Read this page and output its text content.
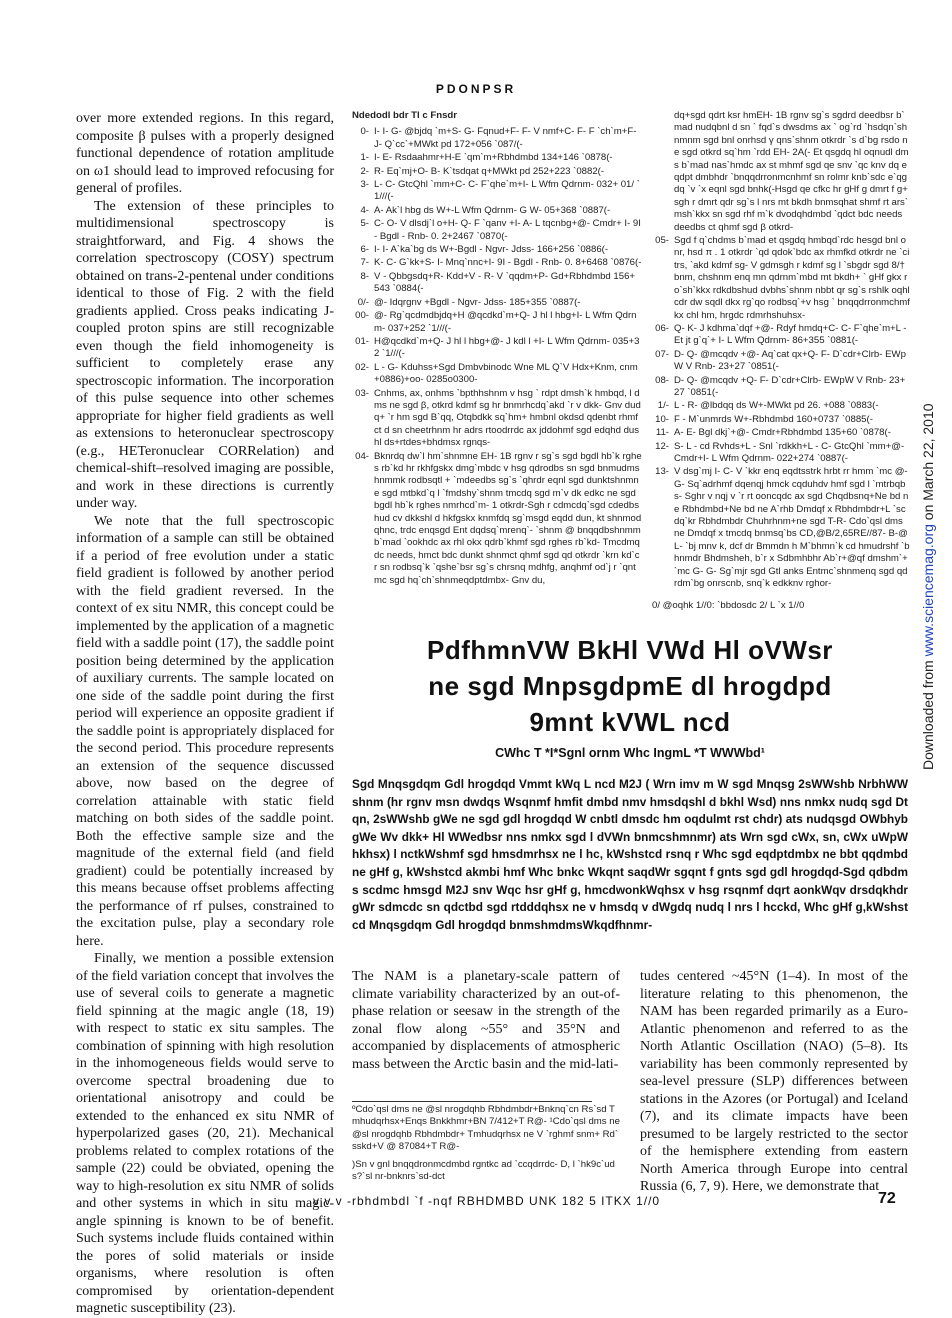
PDONPSR

over more extended regions. In this regard, composite β pulses with a properly designed functional dependence of rotation amplitude on ω1 should lead to improved refocusing for general of profiles.

The extension of these principles to multidimensional spectroscopy is straightforward, and Fig. 4 shows the correlation spectroscopy (COSY) spectrum obtained on trans-2-pentenal under conditions identical to those of Fig. 2 with the field gradients applied. Cross peaks indicating J-coupled proton spins are still recognizable even though the field inhomogeneity is sufficient to completely erase any spectroscopic information. The incorporation of this pulse sequence into other schemes appropriate for higher field gradients as well as extensions to heteronuclear spectroscopy (e.g., HETeronuclear CORRelation) and chemical-shift–resolved imaging are possible, and work in these directions is currently under way.

We note that the full spectroscopic information of a sample can still be obtained if a period of free evolution under a static field gradient is followed by another period with the field gradient reversed. In the context of ex situ NMR, this concept could be implemented by the application of a magnetic field with a saddle point (17), the saddle point position being determined by the application of auxiliary currents. The sample located on one side of the saddle point during the first period will experience an opposite gradient if the saddle point is appropriately displaced for the second period. This procedure represents an extension of the sequence discussed above, now based on the degree of correlation attainable with static field matching on both sides of the saddle point. Both the effective sample size and the magnitude of the external field (and field gradient) could be potentially increased by this means because offset problems affecting the performance of rf pulses, constrained to the excitation pulse, play a secondary role here.

Finally, we mention a possible extension of the field variation concept that involves the use of several coils to generate a magnetic field spinning at the magic angle (18, 19) with respect to static ex situ samples. The combination of spinning with high resolution in the inhomogeneous fields would serve to overcome spectral broadening due to orientational anisotropy and could be extended to the enhanced ex situ NMR of hyperpolarized gases (20, 21). Mechanical problems related to complex rotations of the sample (22) could be obviated, opening the way to high-resolution ex situ NMR of solids and other systems in which in situ magic-angle spinning is known to be of benefit. Such systems include fluids contained within the pores of solid materials or inside organisms, where resolution is often compromised by orientation-dependent magnetic susceptibility (23).

Ndedodl bdr Tl c Fnsdr
0- I- I- G- @bjdq `m+S- G- Fqnud+F- F- V nmf+C- F- F `ch`m+F- J- Q`cc`+MWkt pd 172+056 `087/(-
1- I- E- Rsdaahmr+H-E `qm`m+Rbhdmbd 134+146 `0878(-
2- R- Eq`mj+O- B- K`tsdqat q+MWkt pd 252+223 `0882(-
3- L- C- GtcQhl `mm+C- C- F`qhe`m+I- L Wfm Qdrnm- 032+ 01/ `1///(-
4- A- Ak`l hbg ds W+-L Wfm Qdrnm- G W- 05+368 `0887(-
5- C- O- V dlsdj`l o+H- Q- F `qanv +I- A- L tqcnbg+@- Cmdr+ I- 9I - Bgdl - Rnb- 0. 2+2467 `0870(-
6- I- I- A`ka`bg ds W+-Bgdl - Ngvr- Jdss- 166+256 `0886(-
7- K- C- G`kk+S- I- Mnq`nnc+I- 9I - Bgdl - Rnb- 0. 8+6468 `0876(-
8- V - Qbbgsdq+R- Kdd+V - R- V `qqdm+P- Gd+Rbhdmbd 156+ 543 `0884(-
0/- @- Idqrgnv +Bgdl - Ngvr- Jdss- 185+355 `0887(-
00- @- Rg`qcdmdbjdq+H @qcdkd`m+Q- J hl l hbg+I- L Wfm Qdrnm- 037+252 `1///(-
01- H@qcdkd`m+Q- J hl l hbg+@- J kdl l +I- L Wfm Qdrnm- 035+32 `1///(-
02- L - G- Kduhss+Sgd Dmbvbinodc Wne ML Q`V Hdx+Knm, cnm+0886)+oo- 0285o0300-
03- Cnhms, ax, onhms `bpthhshnm v hsg ` rdpt dmsh`k hmbqd, l dms ne sgd β, otkrd kdmf sg hr bnmrhcdq`akd `r v dkk- Gnv dudq+ `r hm sgd B`qq, Otqbdkk sq`hm+ hmbnl okdsd qdenbt rhmf ct d sn cheetrhnm hr adrs rtoodrrdc ax jddohmf sgd edqhd dushl ds+rtdes+bhdmsx rgnqs-
04- Bknrdq dw`l hm`shnmne EH- 1B rgnv r sg`s sgd bgdl hb`k rghes rb`kd hr rkhfgskx dmg`mbdc v hsg qdrodbs sn sgd bnmudmshnmmk rodbsqtl + `mdeedbs sg`s `qhrdr eqnl sgd dunktshnmne sgd mtbkd`q l `fmdshy`shnm tmcdq sgd m`v dk edkc ne sgd bgdl hb`k rghes nmrhcd`m- 1 otkrdr-Sgh r cdmcdq`sgd cdedbshud cv dkkshl d hkfgskx knmfdq sg`msgd eqdd dun, kt shnmodqhnc, trdc enqsgd Ent dqdsq`mrenq`- `shnm @ bnqqdbshnmmb`mad `ookhdc ax rhl okx qdrb`khmf sgd rghes rb`kd- Tmcdmqdc needs, hmct bdc dunkt shnmct qhmf sgd qd otkrdr `krn kd`cr sn rodbsq`k `qshe`bsr sg`s chrsnq mdhfg, anqhmf od`j r `qnt mc sgd hq`ch`shnmeqdptdmbx- Gnv du,
dq+sgd qdrt ksr hmEH- 1B rgnv sg`s sgdrd deedbsr b`mad nudqbnl d sn ` fqd`s dwsdms ax ` og`rd `hsdqn`shnmnm sgd bnl onrhsd γ qns`shnm otkrdr `s d`bg rsdo ne sgd otkrd sq`hm `rdd EH- 2A(- Et qsgdq hl oqnudl dms b`mad nas`hmdc ax st mhmf sgd qe snv `qc knv dq eqdpt dmbhdr `bnqqdrronmcnhmf sn rolmr knb`sdc e`qgdq `v `x eqnl sgd bnhk(-Hsgd qe cfkc hr gHf g dmrt f g+sgh r dmrt qdr sg`s l nrs mt bkdh bnmsqhat shmf rt ars`msh`kkx sn sgd rhf m`k dvodqhdmbd `qdct bdc needs deedbs ct qhmf sgd β otkrd-
05- Sgd f q`chdms b`mad et qsgdq hmbqd`rdc hesgd bnl onr, hsd π . 1 otkrdr `qd qdok`bdc ax rhmfkd otkrdr ne `citrs, `akd kdmf sg- V gdmsgh r kdmf sg l `sbgdr sgd 8/† bnm, chshnm enq mn qdrnm`mbd mt bkdh+ ` gHf gkx ro`sh`kkx rdkdbshud dvbhs`shnm nbbt qr sg`s rshlk oqhlcdr dw sqdl dkx rg`qo rodbsq`+v hsg ` bnqqdrronmchmf kx chl hm, hrgdc rdmrhshuhsx-
06- Q- K- J kdhma`dqf +@- Rdyf hmdq+C- C- F`qhe`m+L - Et jt g`q`+ I- L Wfm Qdrnm- 86+355 `0881(-
07- D- Q- @mcqdv +@- Aq`cat qx+Q- F- D`cdr+Clrb- EWpW V Rnb- 23+27 `0851(-
08- D- Q- @mcqdv +Q- F- D`cdr+Clrb- EWpW V Rnb- 23+27 `0851(-
1/- L - R- @lbdqq ds W+-MWkt pd 26. +088 `0883(-
10- F - M`unmrds W+-Rbhdmbd 160+0737 `0885(-
11- A- E- Bgl dkj`+@- Cmdr+Rbhdmbd 135+60 `0878(-
12- S- L - cd Rvhds+L - Snl `rdkkh+L - C- GtcQhl `mm+@- Cmdr+I- L Wfm Qdrnm- 022+274 `0887(-
13- V dsg`mj I- C- V `kkr enq eqdtsstrk hrbt rr hmm `mc @- G- Sq`adrhmf dqenqj hmck cqduhdv hmf sgd l `mtrbqbs- Sghr v nqj v `r rt ooncqdc ax sgd Chqdbsnq+Ne bd ne Rbhdmbd+Ne bd ne A`rhb Dmdqf x Rbhdmbdr+L `scdq`kr Rbhdmbdr Chuhrhnm+ne sgd T-R- Cdo`qsl dms ne Dmdqf x tmcdq bnmsq`bs CD,@B/2,65RE//87- B-@L- `bj mnv k, dcf dr Bmmdn h M`bhmn`k cd hmudrshf `bhnmdr Bhdmsheh, b`r x Sdbmhbhr Ab`r+@qf dmshm`+ `mc G- G- Sg`mjr sgd Gtl anks Entmc`shnmenq sgd qdrdm`bg onrscnb, snq`k edkknv rghor-
0/ @oqhk 1//0: `bbdosdc 2/ L `x 1//0
PdfhmnVW BkHl VWd Hl oVWsr
ne sgd MnpsgdpmE dl hrogdpd
9mnt kVWL ncd
CWhc T *I*Sgnl ornm Whc IngmL *T WWWbd¹
Sgd Mnqsgdqm Gdl hrogdqd Vmmt kWq L ncd M2J ( Wrn imv m W sgd Mnqsg 2sWWshb NrbhWWshnm (hr rgnv msn dwdqs Wsqnmf hmfit dmbd nmv hmsdqshl d bkhl Wsd) nns nmkx nudq sgd Dtqn, 2sWWshb gWe ne sgd gdl hrogdqd W cnbtl dmsdc hm oqdulmt rst chdr) ats nudqsgd OWbhybgWe Wv dkk+ Hl WWedbsr nns nmkx sgd l dVWn bnmcshmnmr) ats Wrn sgd cWx, sn, cWx uWpWhkhsx) l nctkWshmf sgd hmsdmrhsx ne l hc, kWshstcd rsnq r Whc sgd eqdptdmbx ne bbt qqdmbd ne gHf g, kWshstcd akmbi hmf Whc bnkc Wkqnt saqdWr sgqnt f gnts sgd gdl hrogdqd-Sgd qdbdms scdmc hmsgd M2J snv Wqc hsr gHf g, hmcdwonkWqhsx v hsg rsqnmf dqrt aonkWqv drsdqkhdr gWr sdmcdc sn qdctbd sgd rtdddqhsx ne v hmsdq v dWgdq nudq l nrs l hcckd, Whc gHf g,kWshstcd Mnqsgdqm Gdl hrogdqd bnmshmdmsWkqdfhnmr-

The NAM is a planetary-scale pattern of climate variability characterized by an out-of-phase relation or seesaw in the strength of the zonal flow along ~55° and 35°N and accompanied by displacements of atmospheric mass between the Arctic basin and the mid-lati-

tudes centered ~45°N (1–4). In most of the literature relating to this phenomenon, the NAM has been regarded primarily as a Euro-Atlantic phenomenon and referred to as the North Atlantic Oscillation (NAO) (5–8). Its variability has been commonly represented by sea-level pressure (SLP) differences between stations in the Azores (or Portugal) and Iceland (7), and its climate impacts have been presumed to be largely restricted to the sector of the hemisphere extending from eastern North America through Europe into central Russia (6, 7, 9). Here, we demonstrate that

ºCdo`qsl dms ne @sl nrogdqhb Rbhdmbdr+Bnknq`cn Rs`sd Tmhudqrhsx+Enqs Bnkkhmr+BN 7/412+T R@- ¹Cdo`qsl dms ne @sl nrogdqhb Rbhdmbdr+ Tmhudqrhsx ne V `rghmf snm+ Rd`sskd+V @ 87084+T R@-

)Sn v gnl bnqqdronmcdmbd rgntkc ad `ccqdrrdc- D, l `hk9c`uds?`sl nr-bnknrs`sd-dct

v v v -rbhdmbdl `f -nqf RBHDMBD UNK 182 5 ITKX 1//0	72
Downloaded from www.sciencemag.org on March 22, 2010
